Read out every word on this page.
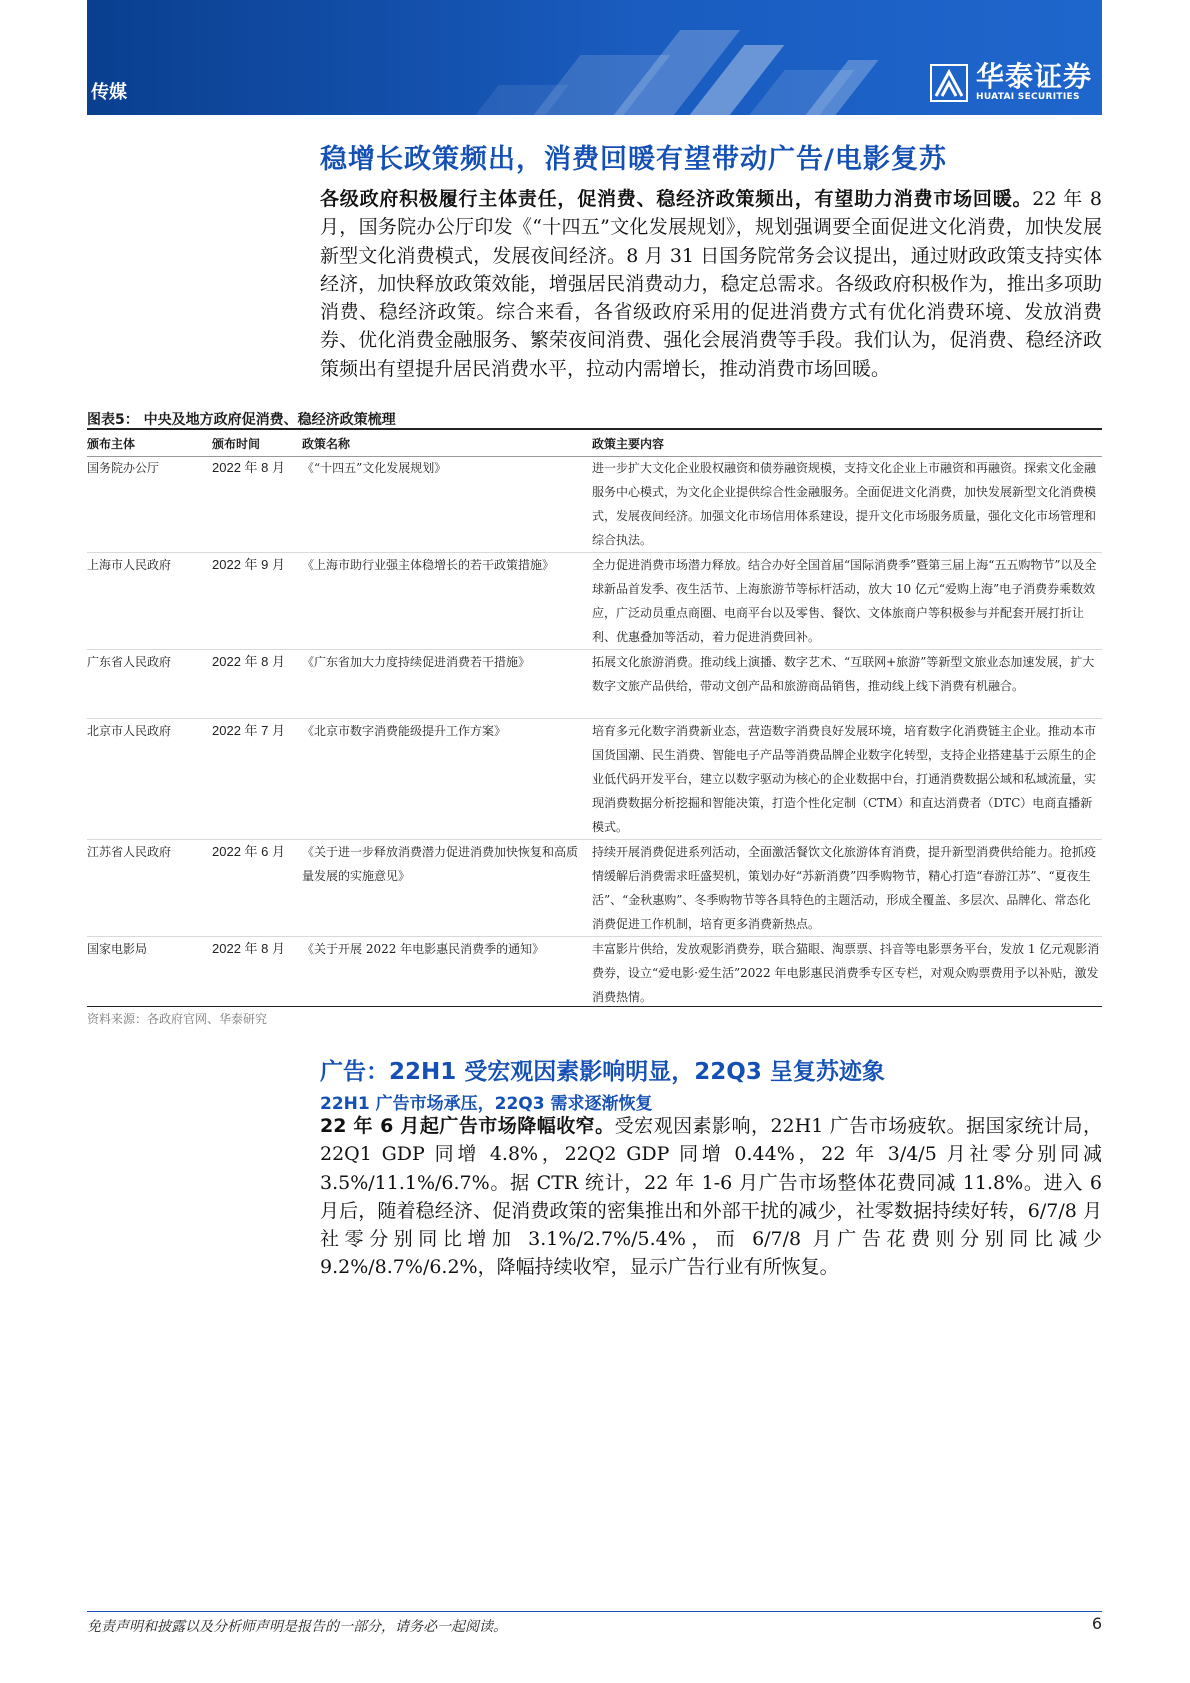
传媒	华泰证券
HUATAI SECURITIES
稳增长政策频出，消费回暖有望带动广告/电影复苏
各级政府积极履行主体责任，促消费、稳经济政策频出，有望助力消费市场回暖。22 年 8 月，国务院办公厅印发《“十四五”文化发展规划》，规划强调要全面促进文化消费，加快发展新型文化消费模式，发展夜间经济。8 月 31 日国务院常务会议提出，通过财政政策支持实体经济，加快释放政策效能，增强居民消费动力，稳定总需求。各级政府积极作为，推出多项助消费、稳经济政策。综合来看，各省级政府采用的促进消费方式有优化消费环境、发放消费券、优化消费金融服务、繁荣夜间消费、强化会展消费等手段。我们认为，促消费、稳经济政策频出有望提升居民消费水平，拉动内需增长，推动消费市场回暖。
图表5： 中央及地方政府促消费、稳经济政策梳理
颁布主体	颁布时间	政策名称	政策主要内容
国务院办公厅	2022 年 8 月	《“十四五”文化发展规划》	进一步扩大文化企业股权融资和债券融资规模，支持文化企业上市融资和再融资。探索文化金融服务中心模式，为文化企业提供综合性金融服务。全面促进文化消费，加快发展新型文化消费模式，发展夜间经济。加强文化市场信用体系建设，提升文化市场服务质量，强化文化市场管理和综合执法。
上海市人民政府	2022 年 9 月	《上海市助行业强主体稳增长的若干政策措施》	全力促进消费市场潜力释放。结合办好全国首届“国际消费季”暨第三届上海“五五购物节”以及全球新品首发季、夜生活节、上海旅游节等标杆活动，放大 10 亿元“爱购上海”电子消费券乘数效应，广泛动员重点商圈、电商平台以及零售、餐饮、文体旅商户等积极参与并配套开展打折让利、优惠叠加等活动，着力促进消费回补。
广东省人民政府	2022 年 8 月	《广东省加大力度持续促进消费若干措施》	拓展文化旅游消费。推动线上演播、数字艺术、“互联网+旅游”等新型文旅业态加速发展，扩大数字文旅产品供给，带动文创产品和旅游商品销售，推动线上线下消费有机融合。
北京市人民政府	2022 年 7 月	《北京市数字消费能级提升工作方案》	培育多元化数字消费新业态，营造数字消费良好发展环境，培育数字化消费链主企业。推动本市国货国潮、民生消费、智能电子产品等消费品牌企业数字化转型，支持企业搭建基于云原生的企业低代码开发平台，建立以数字驱动为核心的企业数据中台，打通消费数据公域和私域流量，实现消费数据分析挖掘和智能决策，打造个性化定制（CTM）和直达消费者（DTC）电商直播新模式。
江苏省人民政府	2022 年 6 月	《关于进一步释放消费潜力促进消费加快恢复和高质量发展的实施意见》	持续开展消费促进系列活动，全面激活餐饮文化旅游体育消费，提升新型消费供给能力。抢抓疫情缓解后消费需求旺盛契机，策划办好“苏新消费”四季购物节，精心打造“春游江苏”、“夏夜生活”、“金秋惠购”、冬季购物节等各具特色的主题活动，形成全覆盖、多层次、品牌化、常态化消费促进工作机制，培育更多消费新热点。
国家电影局	2022 年 8 月	《关于开展 2022 年电影惠民消费季的通知》	丰富影片供给，发放观影消费券，联合猫眼、淘票票、抖音等电影票务平台，发放 1 亿元观影消费券，设立“爱电影·爱生活”2022 年电影惠民消费季专区专栏，对观众购票费用予以补贴，激发消费热情。
资料来源：各政府官网、华泰研究
广告：22H1 受宏观因素影响明显，22Q3 呈复苏迹象
22H1 广告市场承压，22Q3 需求逐渐恢复
22 年 6 月起广告市场降幅收窄。受宏观因素影响，22H1 广告市场疲软。据国家统计局，22Q1 GDP 同增 4.8%，22Q2 GDP 同增 0.44%，22 年 3/4/5 月社零分别同减 3.5%/11.1%/6.7%。据 CTR 统计，22 年 1-6 月广告市场整体花费同减 11.8%。进入 6 月后，随着稳经济、促消费政策的密集推出和外部干扰的减少，社零数据持续好转，6/7/8 月社零分别同比增加 3.1%/2.7%/5.4%，而 6/7/8 月广告花费则分别同比减少 9.2%/8.7%/6.2%，降幅持续收窄，显示广告行业有所恢复。
免责声明和披露以及分析师声明是报告的一部分，请务必一起阅读。	6
